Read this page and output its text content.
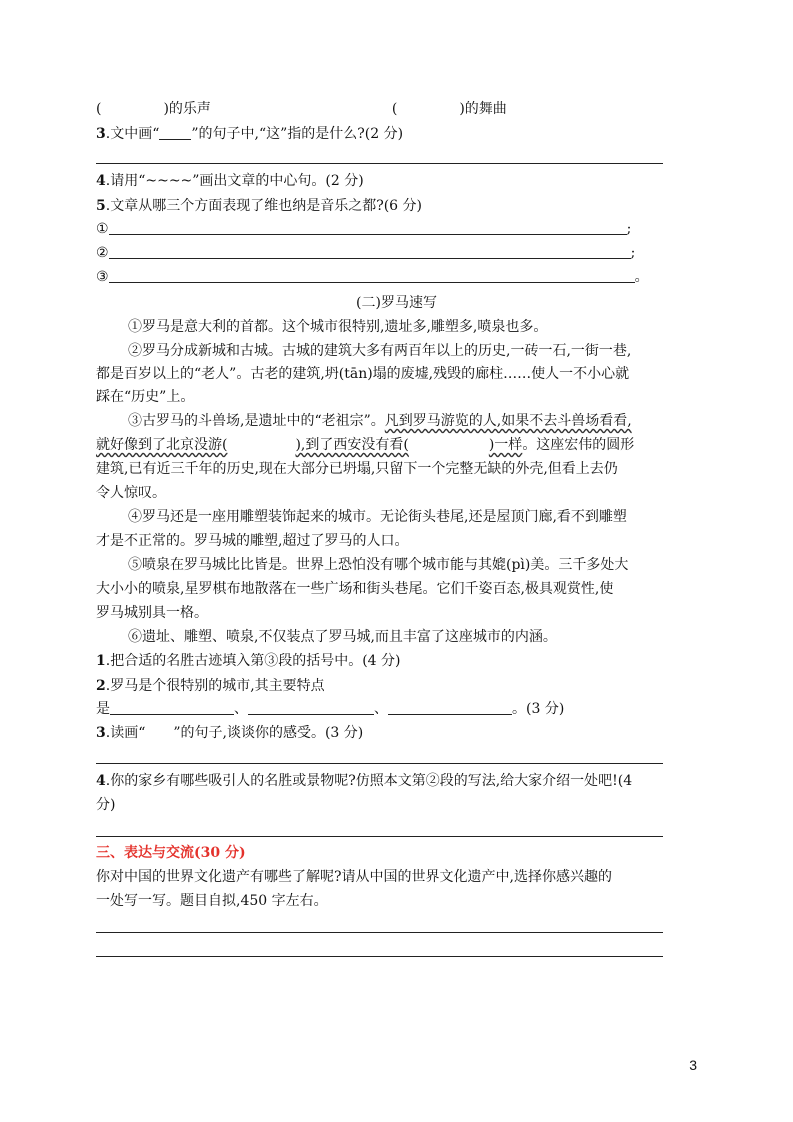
(	)的乐声	(	)的舞曲
3.文中画“ ”的句子中,“这”指的是什么?(2 分)
4.请用“~~~~”画出文章的中心句。(2 分)
5.文章从哪三个方面表现了维也纳是音乐之都?(6 分)
①	;
②	;
③	。
(二)罗马速写
①罗马是意大利的首都。这个城市很特别,遗址多,雕塑多,喷泉也多。
②罗马分成新城和古城。古城的建筑大多有两百年以上的历史,一砖一石,一街一巷,
都是百岁以上的“老人”。古老的建筑,坍(tān)塌的废墟,残毁的廊柱……使人一不小心就
踩在“历史”上。
③古罗马的斗兽场,是遗址中的“老祖宗”。凡到罗马游览的人,如果不去斗兽场看看,
就好像到了北京没游(	),到了西安没有看(	)一样。这座宏伟的圆形
建筑,已有近三千年的历史,现在大部分已坍塌,只留下一个完整无缺的外壳,但看上去仍
令人惊叹。
④罗马还是一座用雕塑装饰起来的城市。无论街头巷尾,还是屋顶门廊,看不到雕塑
才是不正常的。罗马城的雕塑,超过了罗马的人口。
⑤喷泉在罗马城比比皆是。世界上恐怕没有哪个城市能与其媲(pì)美。三千多处大
大小小的喷泉,星罗棋布地散落在一些广场和街头巷尾。它们千姿百态,极具观赏性,使
罗马城别具一格。
⑥遗址、雕塑、喷泉,不仅装点了罗马城,而且丰富了这座城市的内涵。
1.把合适的名胜古迹填入第③段的括号中。(4 分)
2.罗马是个很特别的城市,其主要特点
是	、	、	。(3 分)
3.读画“ ”的句子,谈谈你的感受。(3 分)
4.你的家乡有哪些吸引人的名胜或景物呢?仿照本文第②段的写法,给大家介绍一处吧!(4
分)
三、表达与交流(30 分)
你对中国的世界文化遗产有哪些了解呢?请从中国的世界文化遗产中,选择你感兴趣的
一处写一写。题目自拟,450 字左右。
3
